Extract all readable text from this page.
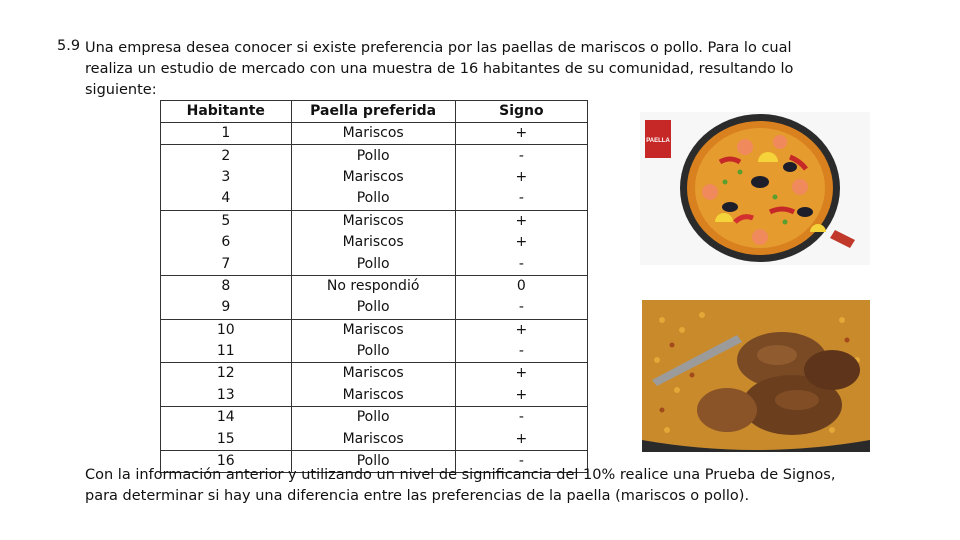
5.9 Una empresa desea conocer si existe preferencia por las paellas de mariscos o pollo. Para lo cual realiza un estudio de mercado con una muestra de 16 habitantes de su comunidad, resultando lo siguiente:
Habitante	Paella preferida	Signo
1	Mariscos	+
2	Pollo	-
3	Mariscos	+
4	Pollo	-
5	Mariscos	+
6	Mariscos	+
7	Pollo	-
8	No respondió	0
9	Pollo	-
10	Mariscos	+
11	Pollo	-
12	Mariscos	+
13	Mariscos	+
14	Pollo	-
15	Mariscos	+
16	Pollo	-
PAELLA
Con la información anterior y utilizando un nivel de significancia del 10% realice una Prueba de Signos, para determinar si hay una diferencia entre las preferencias de la paella (mariscos o pollo).
